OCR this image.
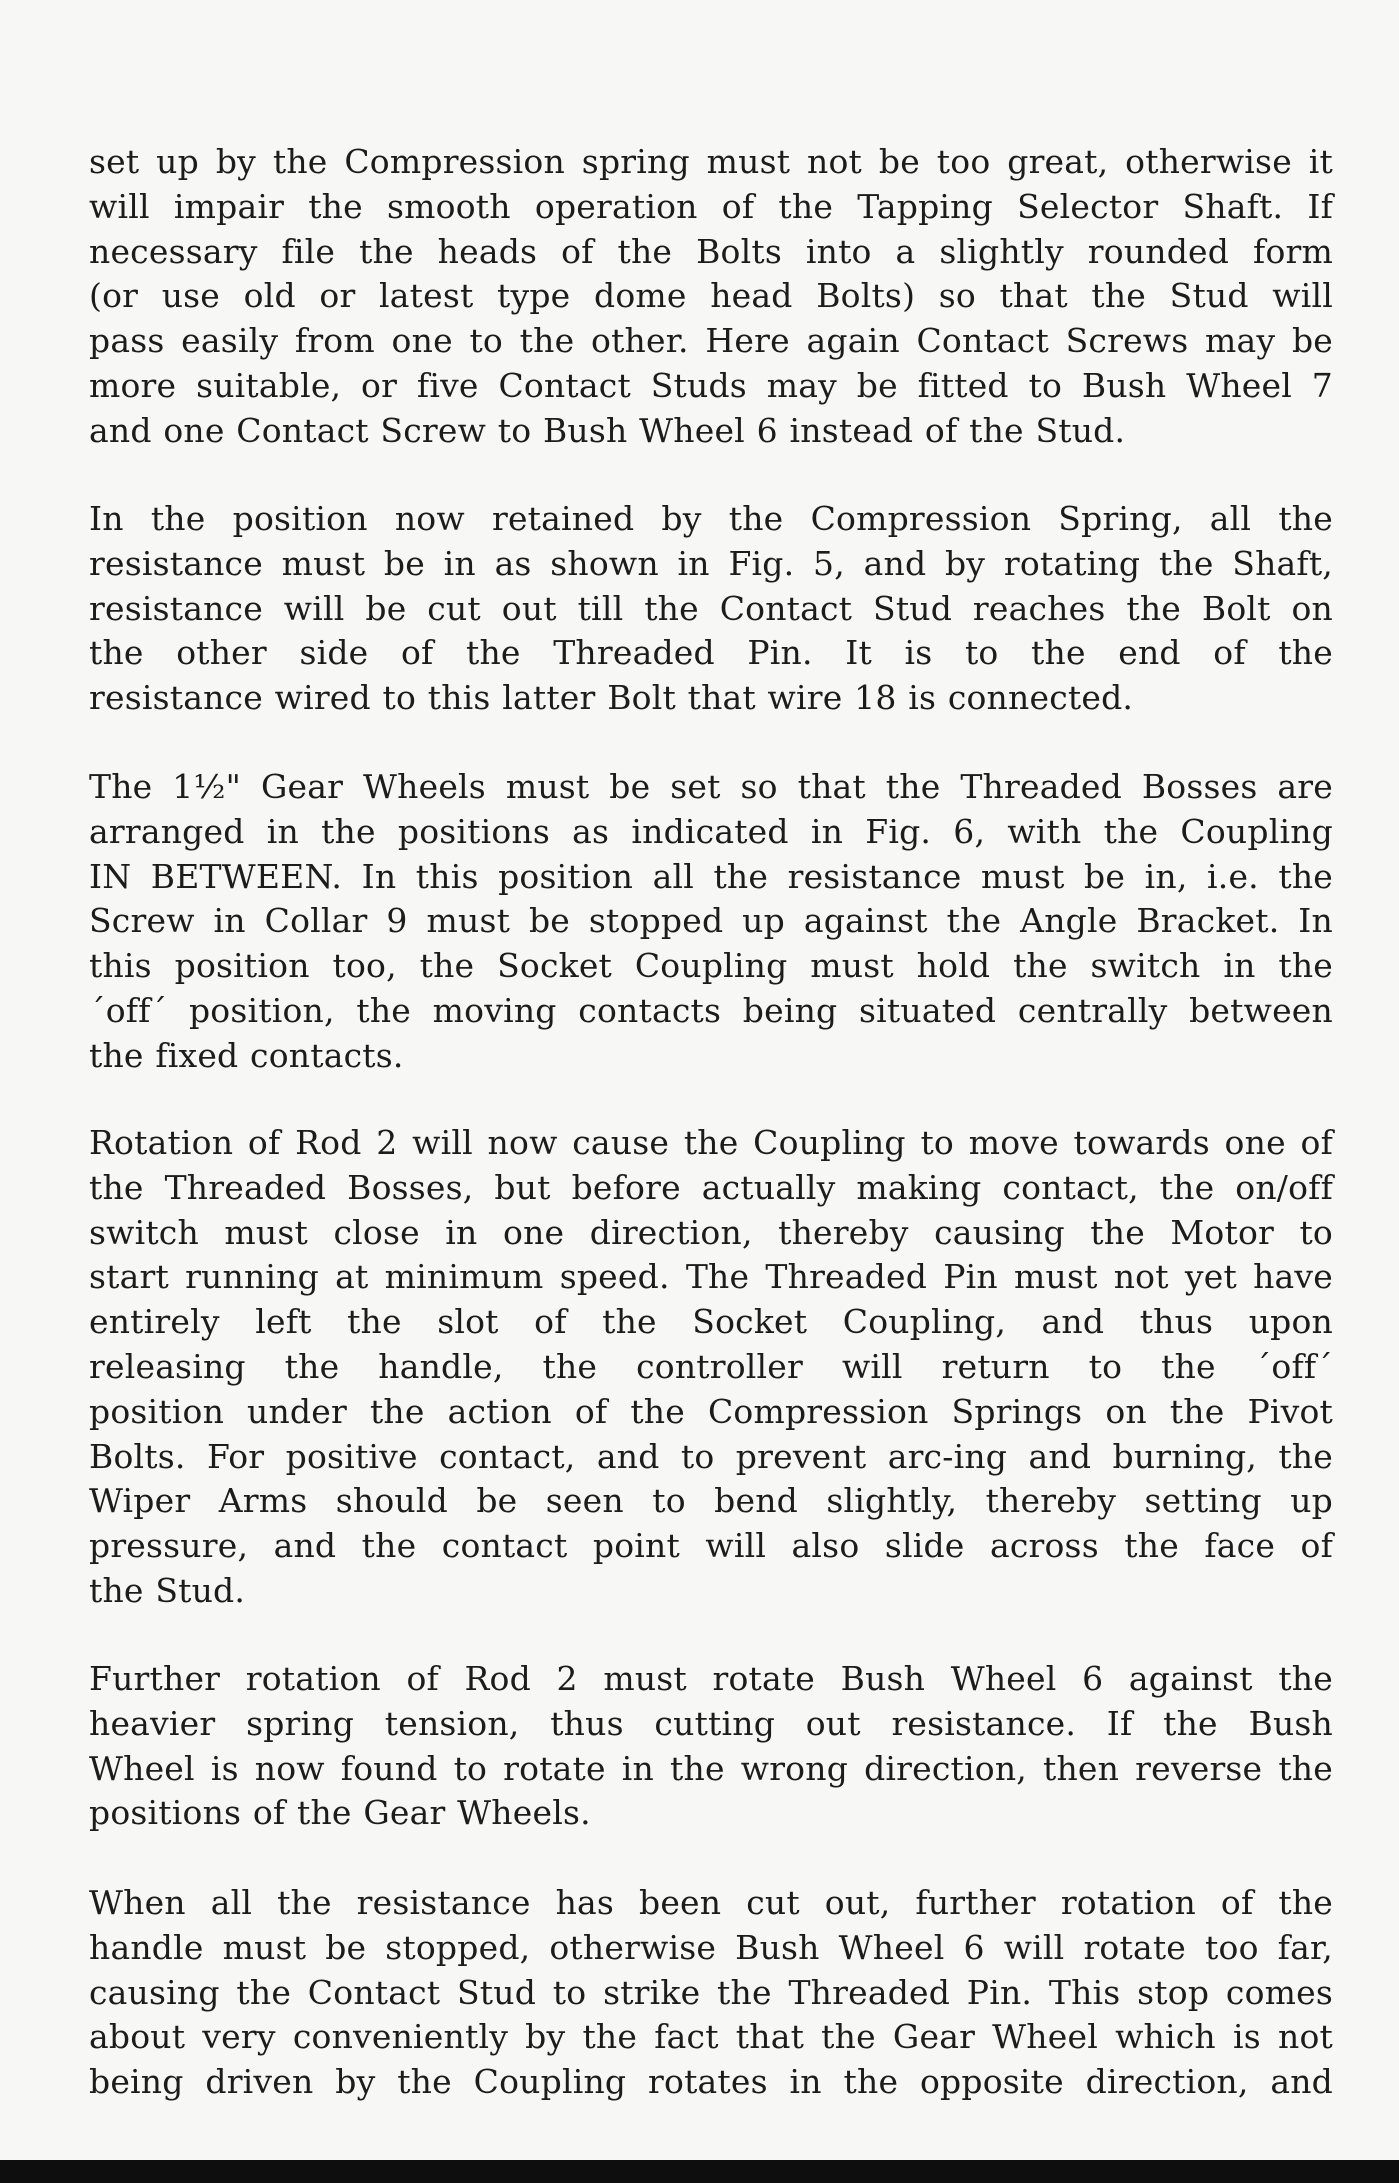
set up by the Compression spring must not be too great, otherwise it
will impair the smooth operation of the Tapping Selector Shaft. If
necessary file the heads of the Bolts into a slightly rounded form
(or use old or latest type dome head Bolts) so that the Stud will
pass easily from one to the other. Here again Contact Screws may be
more suitable, or five Contact Studs may be fitted to Bush Wheel 7
and one Contact Screw to Bush Wheel 6 instead of the Stud.
In the position now retained by the Compression Spring, all the
resistance must be in as shown in Fig. 5, and by rotating the Shaft,
resistance will be cut out till the Contact Stud reaches the Bolt on
the other side of the Threaded Pin. It is to the end of the
resistance wired to this latter Bolt that wire 18 is connected.
The 1½" Gear Wheels must be set so that the Threaded Bosses are
arranged in the positions as indicated in Fig. 6, with the Coupling
IN BETWEEN. In this position all the resistance must be in, i.e. the
Screw in Collar 9 must be stopped up against the Angle Bracket. In
this position too, the Socket Coupling must hold the switch in the
´off´ position, the moving contacts being situated centrally between
the fixed contacts.
Rotation of Rod 2 will now cause the Coupling to move towards one of
the Threaded Bosses, but before actually making contact, the on/off
switch must close in one direction, thereby causing the Motor to
start running at minimum speed. The Threaded Pin must not yet have
entirely left the slot of the Socket Coupling, and thus upon
releasing the handle, the controller will return to the ´off´
position under the action of the Compression Springs on the Pivot
Bolts. For positive contact, and to prevent arc-ing and burning, the
Wiper Arms should be seen to bend slightly, thereby setting up
pressure, and the contact point will also slide across the face of
the Stud.
Further rotation of Rod 2 must rotate Bush Wheel 6 against the
heavier spring tension, thus cutting out resistance. If the Bush
Wheel is now found to rotate in the wrong direction, then reverse the
positions of the Gear Wheels.
When all the resistance has been cut out, further rotation of the
handle must be stopped, otherwise Bush Wheel 6 will rotate too far,
causing the Contact Stud to strike the Threaded Pin. This stop comes
about very conveniently by the fact that the Gear Wheel which is not
being driven by the Coupling rotates in the opposite direction, and
